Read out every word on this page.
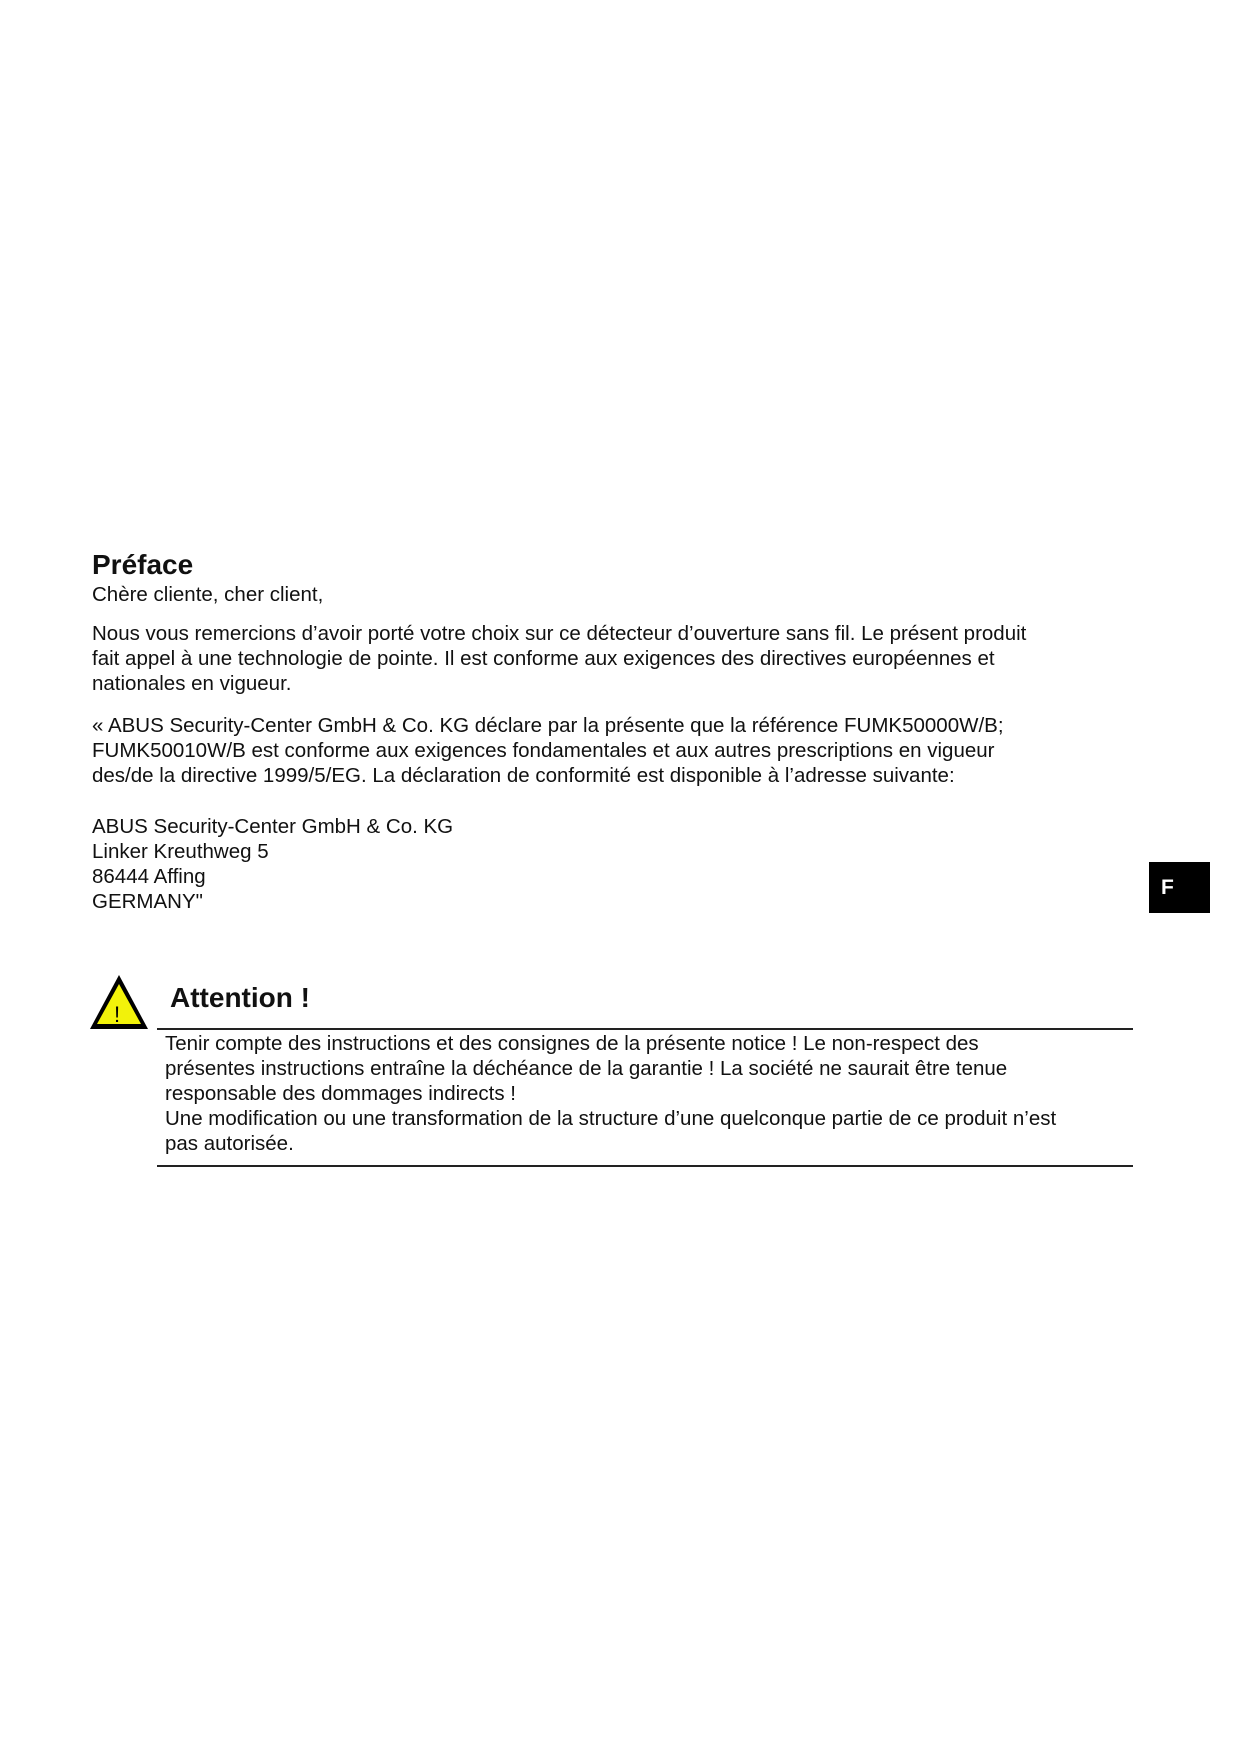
Préface

Chère cliente, cher client,

Nous vous remercions d’avoir porté votre choix sur ce détecteur d’ouverture sans fil. Le présent produit
fait appel à une technologie de pointe. Il est conforme aux exigences des directives européennes et
nationales en vigueur.
« ABUS Security-Center GmbH & Co. KG déclare par la présente que la référence FUMK50000W/B;
FUMK50010W/B est conforme aux exigences fondamentales et aux autres prescriptions en vigueur
des/de la directive 1999/5/EG. La déclaration de conformité est disponible à l’adresse suivante:
ABUS Security-Center GmbH & Co. KG
Linker Kreuthweg 5
86444 Affing
GERMANY"
F
!
Attention !
Tenir compte des instructions et des consignes de la présente notice ! Le non-respect des
présentes instructions entraîne la déchéance de la garantie ! La société ne saurait être tenue
responsable des dommages indirects !
Une modification ou une transformation de la structure d’une quelconque partie de ce produit n’est
pas autorisée.
